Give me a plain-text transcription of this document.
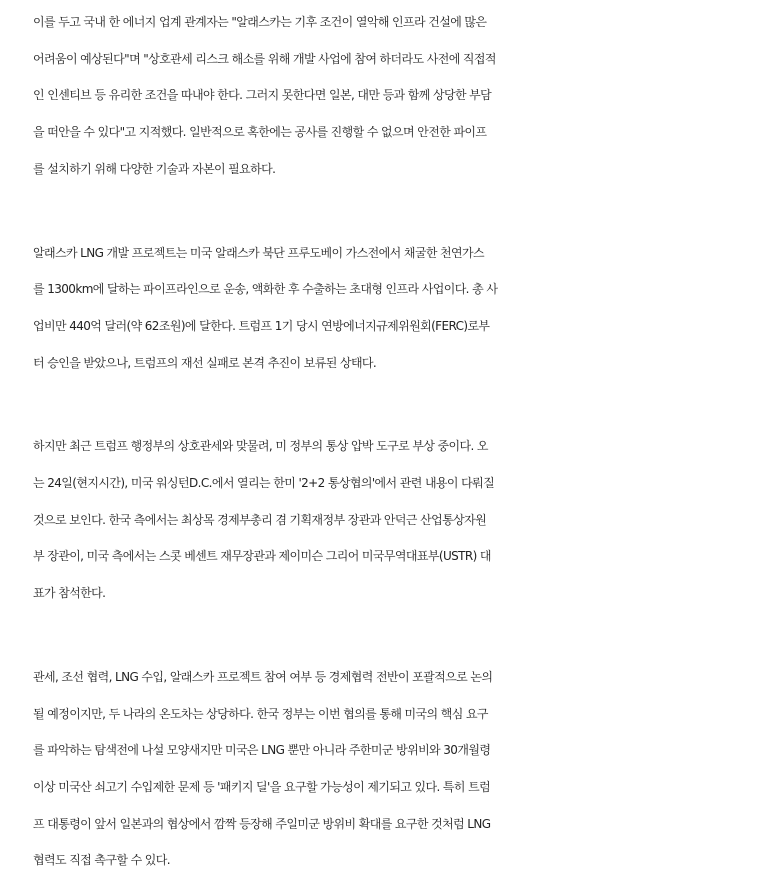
이를 두고 국내 한 에너지 업계 관계자는 "알래스카는 기후 조건이 열악해 인프라 건설에 많은
어려움이 예상된다"며 "상호관세 리스크 해소를 위해 개발 사업에 참여 하더라도 사전에 직접적
인 인센티브 등 유리한 조건을 따내야 한다. 그러지 못한다면 일본, 대만 등과 함께 상당한 부담
을 떠안을 수 있다"고 지적했다. 일반적으로 혹한에는 공사를 진행할 수 없으며 안전한 파이프
를 설치하기 위해 다양한 기술과 자본이 필요하다.

알래스카 LNG 개발 프로젝트는 미국 알래스카 북단 프루도베이 가스전에서 채굴한 천연가스
를 1300km에 달하는 파이프라인으로 운송, 액화한 후 수출하는 초대형 인프라 사업이다. 총 사
업비만 440억 달러(약 62조원)에 달한다. 트럼프 1기 당시 연방에너지규제위원회(FERC)로부
터 승인을 받았으나, 트럼프의 재선 실패로 본격 추진이 보류된 상태다.

하지만 최근 트럼프 행정부의 상호관세와 맞물려, 미 정부의 통상 압박 도구로 부상 중이다. 오
는 24일(현지시간), 미국 워싱턴D.C.에서 열리는 한미 '2+2 통상협의'에서 관련 내용이 다뤄질
것으로 보인다. 한국 측에서는 최상목 경제부총리 겸 기획재정부 장관과 안덕근 산업통상자원
부 장관이, 미국 측에서는 스콧 베센트 재무장관과 제이미슨 그리어 미국무역대표부(USTR) 대
표가 참석한다.

관세, 조선 협력, LNG 수입, 알래스카 프로젝트 참여 여부 등 경제협력 전반이 포괄적으로 논의
될 예정이지만, 두 나라의 온도차는 상당하다. 한국 정부는 이번 협의를 통해 미국의 핵심 요구
를 파악하는 탐색전에 나설 모양새지만 미국은 LNG 뿐만 아니라 주한미군 방위비와 30개월령
이상 미국산 쇠고기 수입제한 문제 등 '패키지 딜'을 요구할 가능성이 제기되고 있다. 특히 트럼
프 대통령이 앞서 일본과의 협상에서 깜짝 등장해 주일미군 방위비 확대를 요구한 것처럼 LNG
협력도 직접 촉구할 수 있다.
